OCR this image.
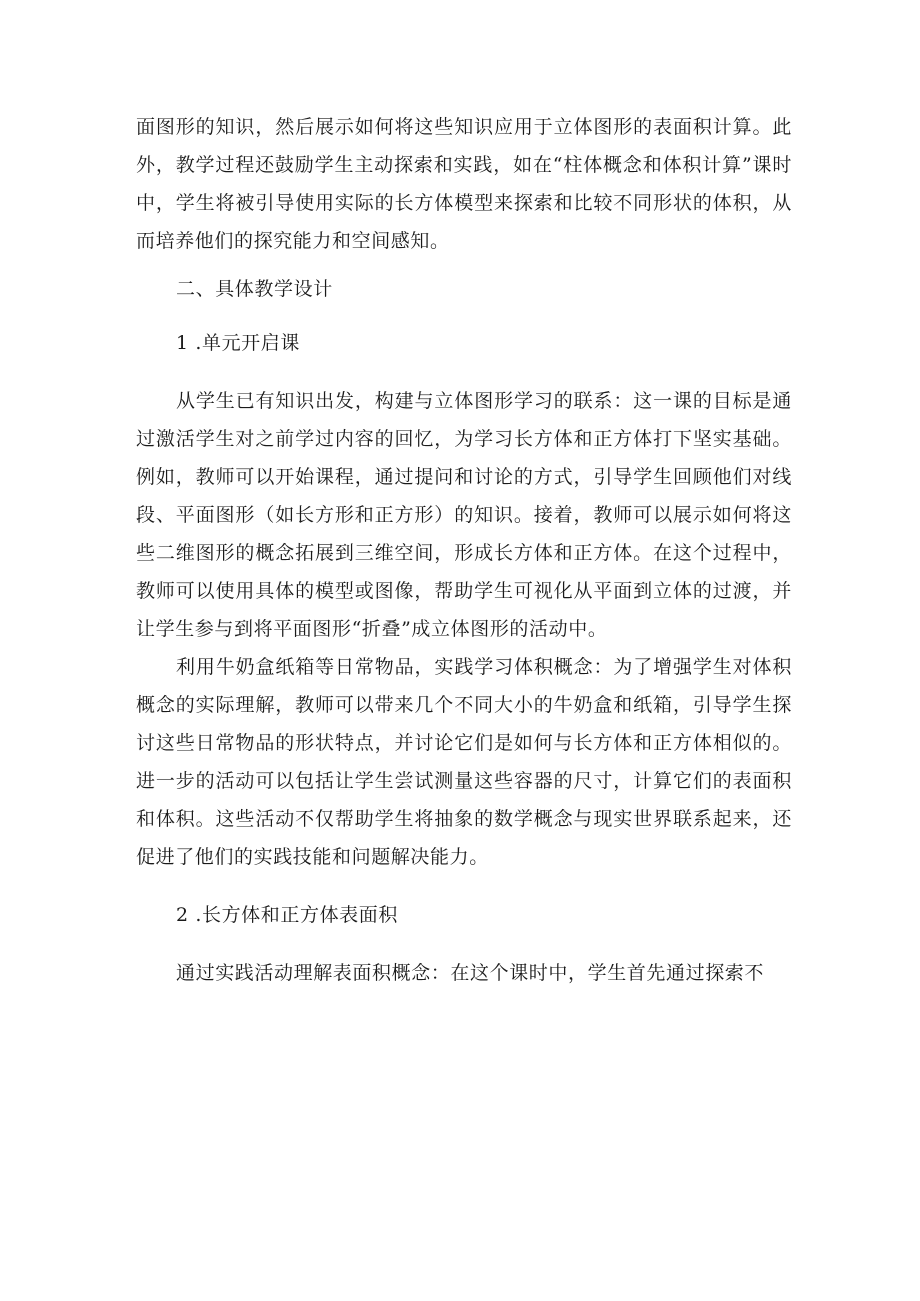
面图形的知识，然后展示如何将这些知识应用于立体图形的表面积计算。此外，教学过程还鼓励学生主动探索和实践，如在“柱体概念和体积计算”课时中，学生将被引导使用实际的长方体模型来探索和比较不同形状的体积，从而培养他们的探究能力和空间感知。

二、具体教学设计

1 .单元开启课

从学生已有知识出发，构建与立体图形学习的联系：这一课的目标是通过激活学生对之前学过内容的回忆，为学习长方体和正方体打下坚实基础。例如，教师可以开始课程，通过提问和讨论的方式，引导学生回顾他们对线段、平面图形（如长方形和正方形）的知识。接着，教师可以展示如何将这些二维图形的概念拓展到三维空间，形成长方体和正方体。在这个过程中，教师可以使用具体的模型或图像，帮助学生可视化从平面到立体的过渡，并让学生参与到将平面图形“折叠”成立体图形的活动中。

利用牛奶盒纸箱等日常物品，实践学习体积概念：为了增强学生对体积概念的实际理解，教师可以带来几个不同大小的牛奶盒和纸箱，引导学生探讨这些日常物品的形状特点，并讨论它们是如何与长方体和正方体相似的。进一步的活动可以包括让学生尝试测量这些容器的尺寸，计算它们的表面积和体积。这些活动不仅帮助学生将抽象的数学概念与现实世界联系起来，还促进了他们的实践技能和问题解决能力。

2 .长方体和正方体表面积

通过实践活动理解表面积概念：在这个课时中，学生首先通过探索不
